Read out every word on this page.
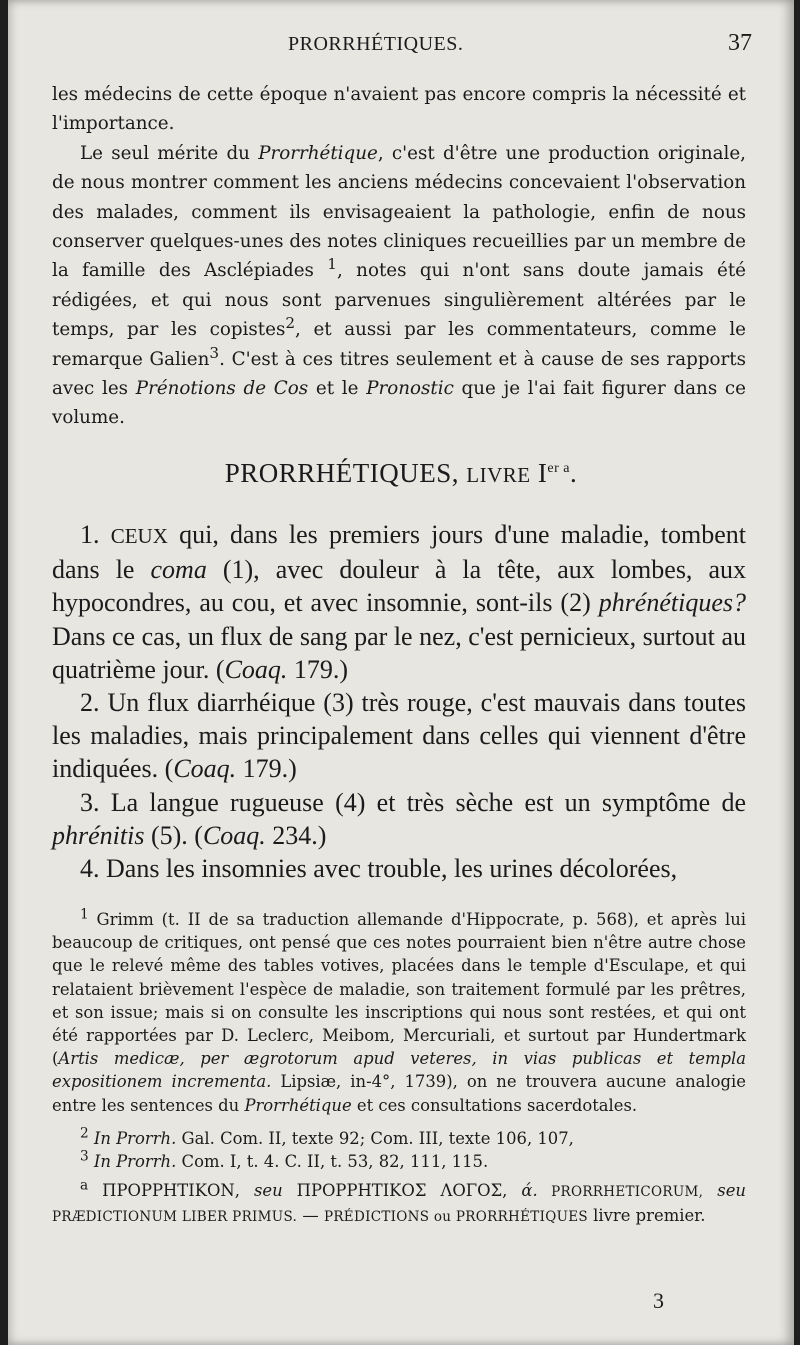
PRORRHÉTIQUES.	37

les médecins de cette époque n'avaient pas encore compris la nécessité et l'importance.

Le seul mérite du Prorrhétique, c'est d'être une production originale, de nous montrer comment les anciens médecins concevaient l'observation des malades, comment ils envisageaient la pathologie, enfin de nous conserver quelques-unes des notes cliniques recueillies par un membre de la famille des Asclépiades $^1$, notes qui n'ont sans doute jamais été rédigées, et qui nous sont parvenues singulièrement altérées par le temps, par les copistes$^2$, et aussi par les commentateurs, comme le remarque Galien$^3$. C'est à ces titres seulement et à cause de ses rapports avec les Prénotions de Cos et le Pronostic que je l'ai fait figurer dans ce volume.

PRORRHÉTIQUES, LIVRE $I^{er a}$.

1. CEUX qui, dans les premiers jours d'une maladie, tombent dans le coma (1), avec douleur à la tête, aux lombes, aux hypocondres, au cou, et avec insomnie, sont-ils (2) phrénétiques? Dans ce cas, un flux de sang par le nez, c'est pernicieux, surtout au quatrième jour. (Coaq. 179.)

2. Un flux diarrhéique (3) très rouge, c'est mauvais dans toutes les maladies, mais principalement dans celles qui viennent d'être indiquées. (Coaq. 179.)

3. La langue rugueuse (4) et très sèche est un symptôme de phrénitis (5). (Coaq. 234.)

4. Dans les insomnies avec trouble, les urines décolorées,

$^1$ Grimm (t. II de sa traduction allemande d'Hippocrate, p. 568), et après lui beaucoup de critiques, ont pensé que ces notes pourraient bien n'être autre chose que le relevé même des tables votives, placées dans le temple d'Esculape, et qui relataient brièvement l'espèce de maladie, son traitement formulé par les prêtres, et son issue; mais si on consulte les inscriptions qui nous sont restées, et qui ont été rapportées par D. Leclerc, Meibom, Mercuriali, et surtout par Hundertmark (Artis medicæ, per ægrotorum apud veteres, in vias publicas et templa expositionem incrementa. Lipsiæ, in-4°, 1739), on ne trouvera aucune analogie entre les sentences du Prorrhétique et ces consultations sacerdotales.

$^2$ In Prorrh. Gal. Com. II, texte 92; Com. III, texte 106, 107,

$^3$ In Prorrh. Com. I, t. 4. C. II, t. 53, 82, 111, 115.

$^a$ ΠΡΟΡΡΗΤΙΚΟΝ, seu ΠΡΟΡΡΗΤΙΚΟΣ ΛΟΓΟΣ, ά. PRORRHETICORUM, seu PRÆDICTIONUM LIBER PRIMUS. — PRÉDICTIONS ou PRORRHÉTIQUES livre premier.

3
